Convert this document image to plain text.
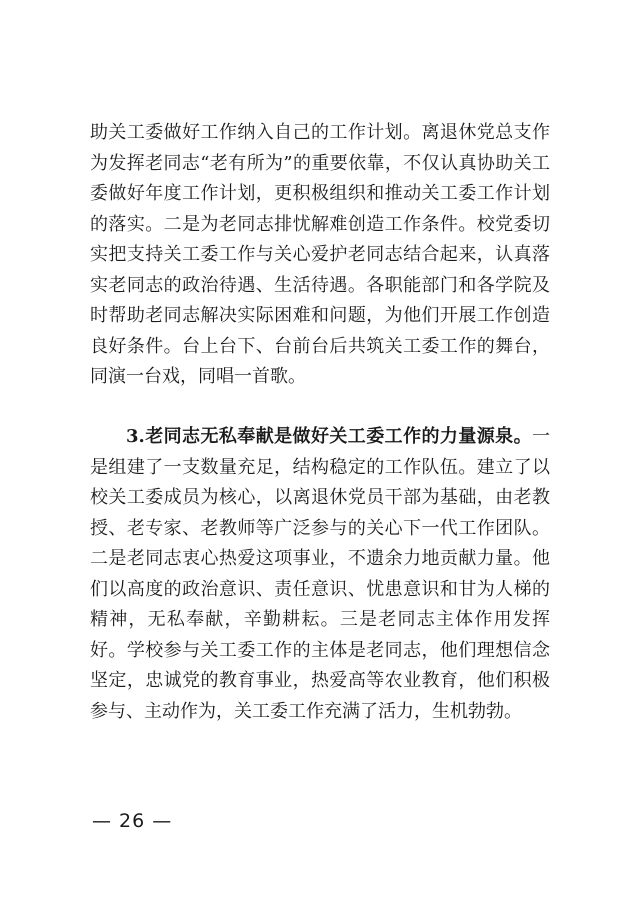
助关工委做好工作纳入自己的工作计划。离退休党总支作为发挥老同志“老有所为”的重要依靠，不仅认真协助关工委做好年度工作计划，更积极组织和推动关工委工作计划的落实。二是为老同志排忧解难创造工作条件。校党委切实把支持关工委工作与关心爱护老同志结合起来，认真落实老同志的政治待遇、生活待遇。各职能部门和各学院及时帮助老同志解决实际困难和问题，为他们开展工作创造良好条件。台上台下、台前台后共筑关工委工作的舞台，同演一台戏，同唱一首歌。

3.老同志无私奉献是做好关工委工作的力量源泉。一是组建了一支数量充足，结构稳定的工作队伍。建立了以校关工委成员为核心，以离退休党员干部为基础，由老教授、老专家、老教师等广泛参与的关心下一代工作团队。二是老同志衷心热爱这项事业，不遗余力地贡献力量。他们以高度的政治意识、责任意识、忧患意识和甘为人梯的精神，无私奉献，辛勤耕耘。三是老同志主体作用发挥好。学校参与关工委工作的主体是老同志，他们理想信念坚定，忠诚党的教育事业，热爱高等农业教育，他们积极参与、主动作为，关工委工作充满了活力，生机勃勃。

— 26 —
